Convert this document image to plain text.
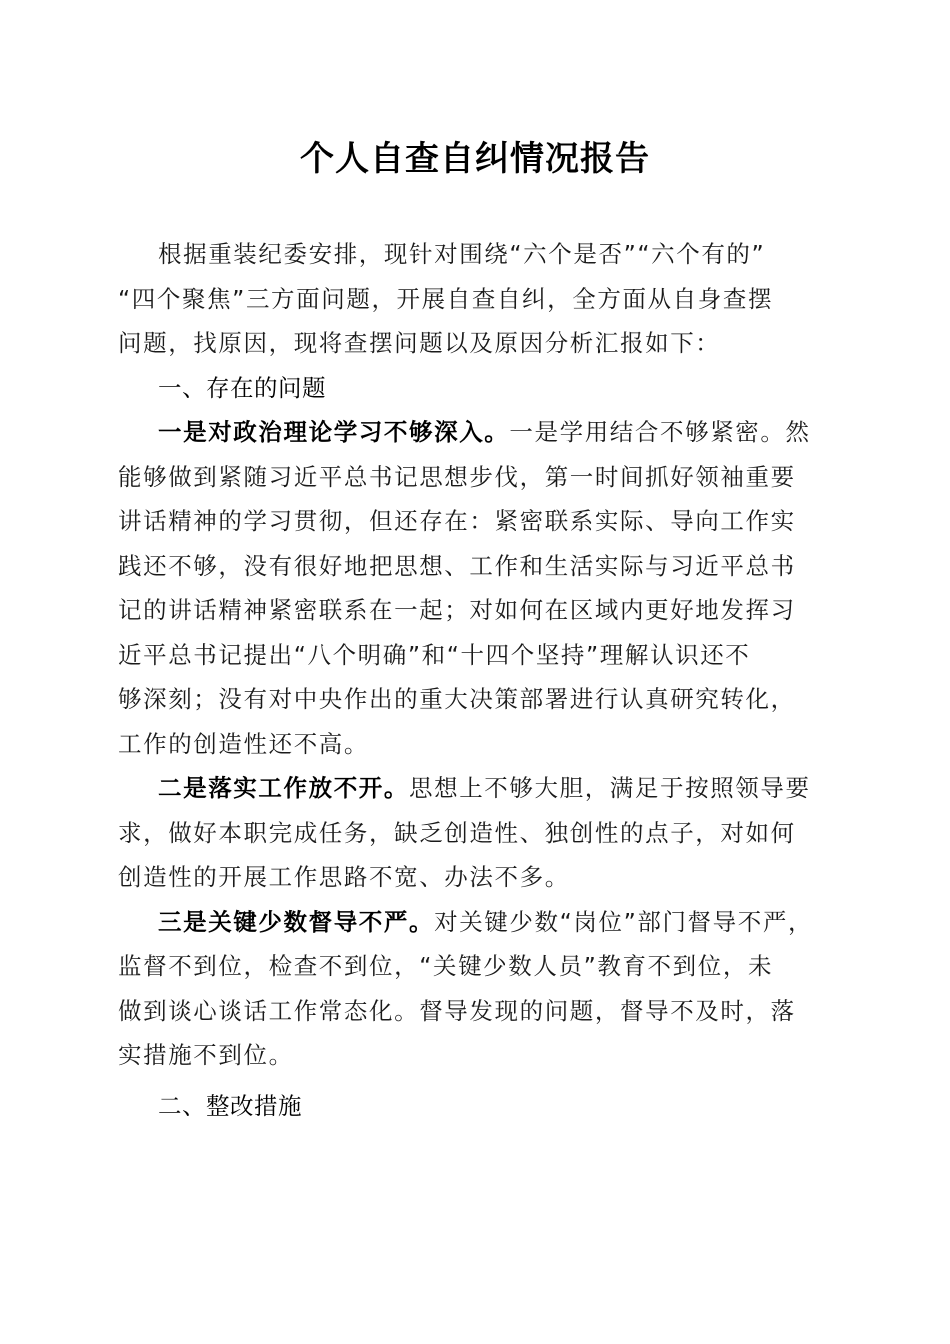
个人自查自纠情况报告
根据重装纪委安排，现针对围绕“六个是否”“六个有的”
“四个聚焦”三方面问题，开展自查自纠，全方面从自身查摆
问题，找原因，现将查摆问题以及原因分析汇报如下：
一、存在的问题
一是对政治理论学习不够深入。一是学用结合不够紧密。然
能够做到紧随习近平总书记思想步伐，第一时间抓好领袖重要
讲话精神的学习贯彻，但还存在：紧密联系实际、导向工作实
践还不够，没有很好地把思想、工作和生活实际与习近平总书
记的讲话精神紧密联系在一起；对如何在区域内更好地发挥习
近平总书记提出“八个明确”和“十四个坚持”理解认识还不
够深刻；没有对中央作出的重大决策部署进行认真研究转化，
工作的创造性还不高。
二是落实工作放不开。思想上不够大胆，满足于按照领导要
求，做好本职完成任务，缺乏创造性、独创性的点子，对如何
创造性的开展工作思路不宽、办法不多。
三是关键少数督导不严。对关键少数“岗位”部门督导不严，
监督不到位，检查不到位，“关键少数人员”教育不到位，未
做到谈心谈话工作常态化。督导发现的问题，督导不及时，落
实措施不到位。
二、整改措施
